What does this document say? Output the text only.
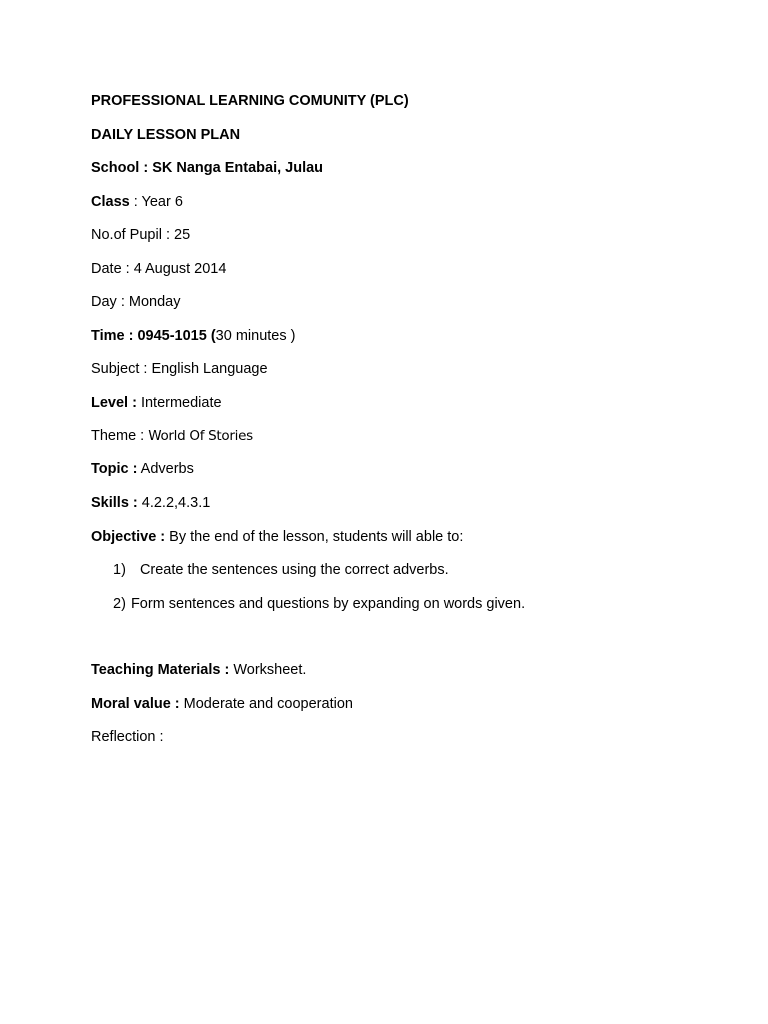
PROFESSIONAL LEARNING COMUNITY (PLC)
DAILY LESSON PLAN
School : SK Nanga Entabai, Julau
Class : Year 6
No.of Pupil : 25
Date : 4 August 2014
Day : Monday
Time : 0945-1015 (30 minutes )
Subject : English Language
Level : Intermediate
Theme : World Of Stories
Topic : Adverbs
Skills : 4.2.2,4.3.1
Objective : By the end of the lesson, students will able to:
1) Create the sentences using the correct adverbs.
2) Form sentences and questions by expanding on words given.
Teaching Materials : Worksheet.
Moral value : Moderate and cooperation
Reflection :
